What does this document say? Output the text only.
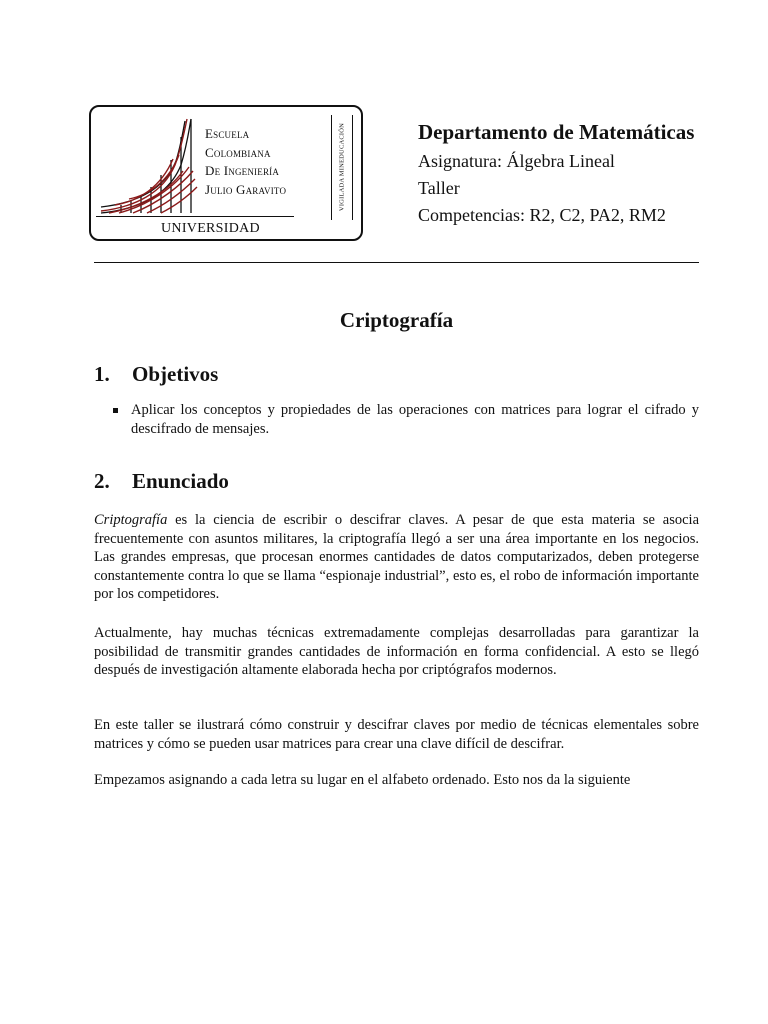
Escuela
Colombiana
De Ingeniería
Julio Garavito	VIGILADA MINEDUCACIÓN
UNIVERSIDAD
Departamento de Matemáticas
Asignatura: Álgebra Lineal
Taller
Competencias: R2, C2, PA2, RM2
Criptografía
1. Objetivos
Aplicar los conceptos y propiedades de las operaciones con matrices para lograr el cifrado y descifrado de mensajes.
2. Enunciado
Criptografía es la ciencia de escribir o descifrar claves. A pesar de que esta materia se asocia frecuentemente con asuntos militares, la criptografía llegó a ser una área importante en los negocios. Las grandes empresas, que procesan enormes cantidades de datos computarizados, deben protegerse constantemente contra lo que se llama “espionaje industrial”, esto es, el robo de información importante por los competidores.
Actualmente, hay muchas técnicas extremadamente complejas desarrolladas para garantizar la posibilidad de transmitir grandes cantidades de información en forma confidencial. A esto se llegó después de investigación altamente elaborada hecha por criptógrafos modernos.
En este taller se ilustrará cómo construir y descifrar claves por medio de técnicas elementales sobre matrices y cómo se pueden usar matrices para crear una clave difícil de descifrar.
Empezamos asignando a cada letra su lugar en el alfabeto ordenado. Esto nos da la siguiente
